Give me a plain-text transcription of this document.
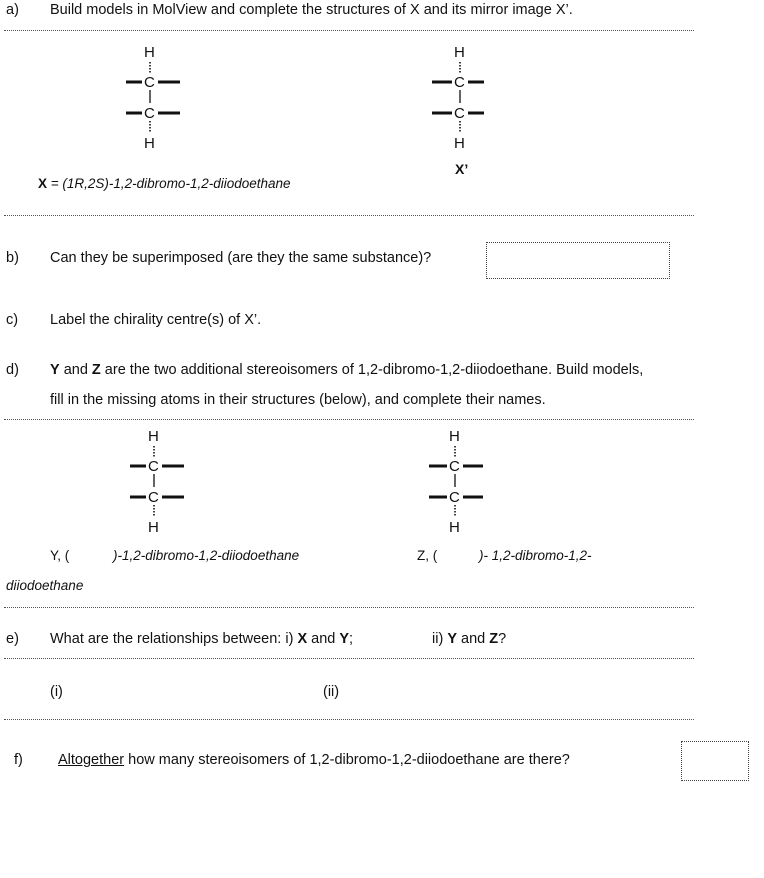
a) Build models in MolView and complete the structures of X and its mirror image X’.
H
C
C
H
H
C
C
H
X’
X = (1R,2S)-1,2-dibromo-1,2-diiodoethane
b) Can they be superimposed (are they the same substance)?
c) Label the chirality centre(s) of X’.
d) Y and Z are the two additional stereoisomers of 1,2-dibromo-1,2-diiodoethane. Build models,
fill in the missing atoms in their structures (below), and complete their names.
H
C
C
H
H
C
C
H
Y, (	)-1,2-dibromo-1,2-diiodoethane	Z, (	)- 1,2-dibromo-1,2-
diiodoethane
e) What are the relationships between: i) X and Y;	ii) Y and Z?
(i)	(ii)
f) Altogether how many stereoisomers of 1,2-dibromo-1,2-diiodoethane are there?
